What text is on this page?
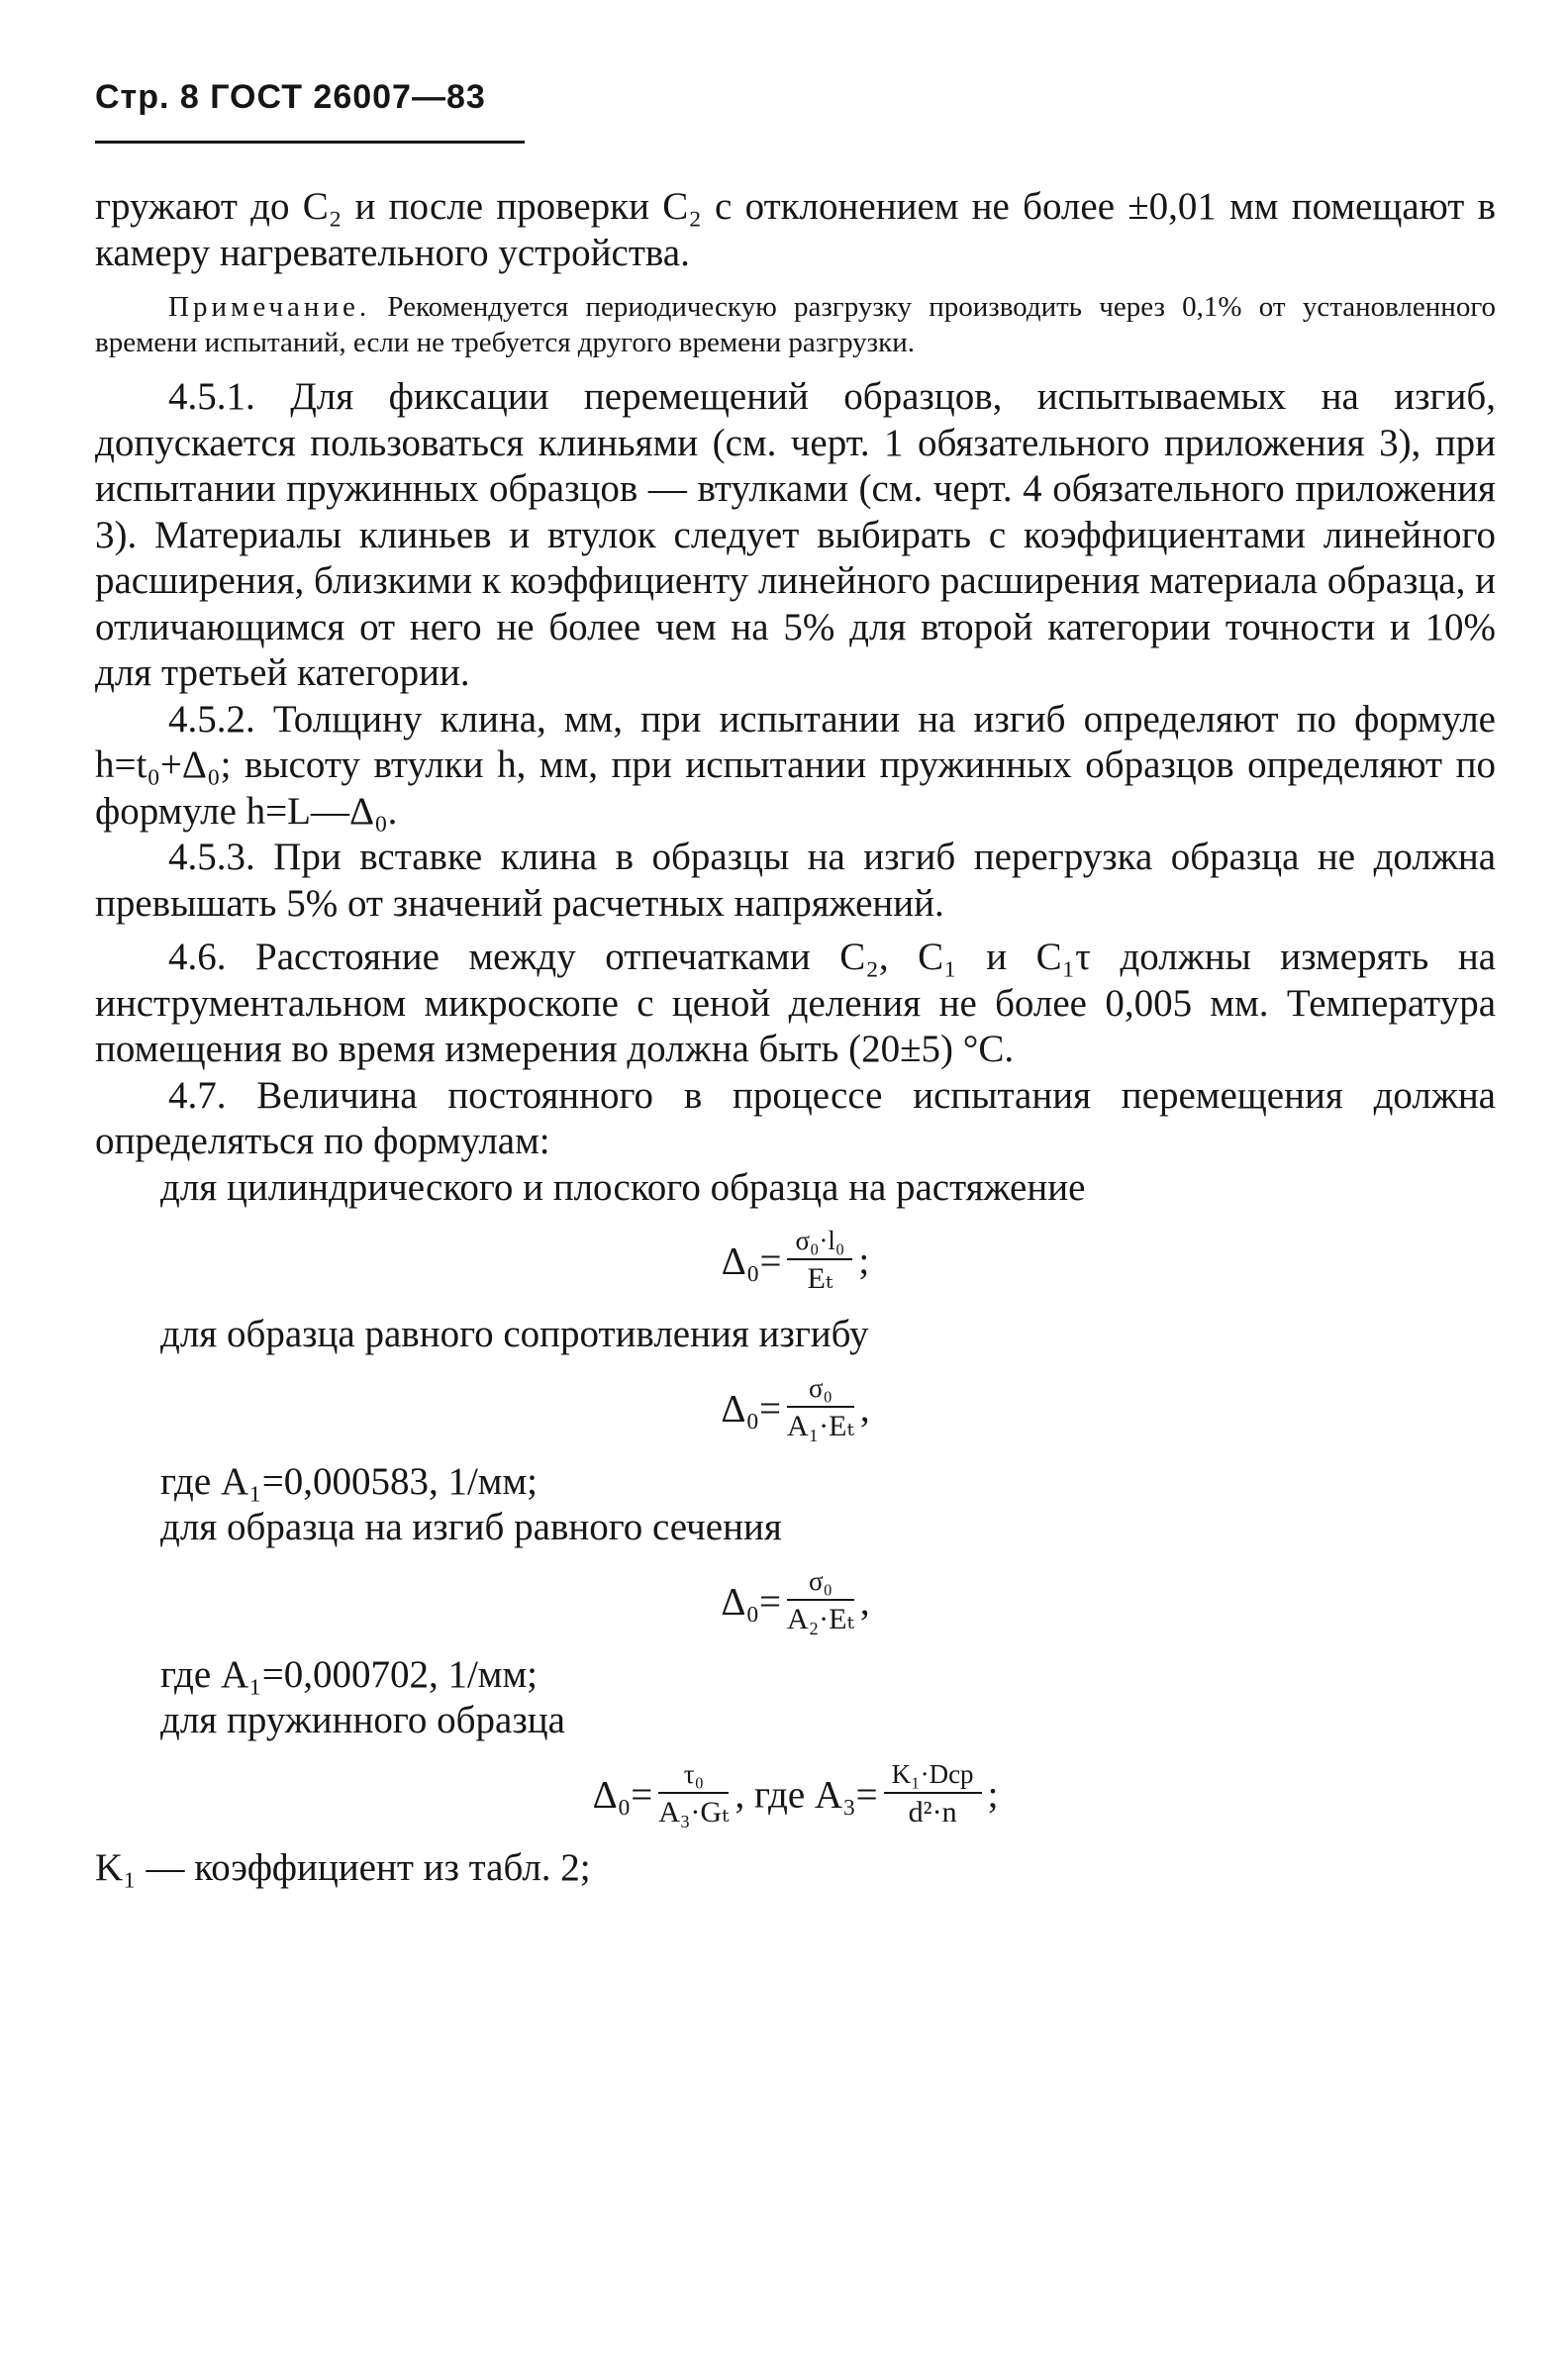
Стр. 8 ГОСТ 26007—83

гружают до C₂ и после проверки C₂ с отклонением не более ±0,01 мм помещают в камеру нагревательного устройства.

Примечание. Рекомендуется периодическую разгрузку производить через 0,1% от установленного времени испытаний, если не требуется другого времени разгрузки.

4.5.1. Для фиксации перемещений образцов, испытываемых на изгиб, допускается пользоваться клиньями (см. черт. 1 обязательного приложения 3), при испытании пружинных образцов — втулками (см. черт. 4 обязательного приложения 3). Материалы клиньев и втулок следует выбирать с коэффициентами линейного расширения, близкими к коэффициенту линейного расширения материала образца, и отличающимся от него не более чем на 5% для второй категории точности и 10% для третьей категории.

4.5.2. Толщину клина, мм, при испытании на изгиб определяют по формуле h=t₀+Δ₀; высоту втулки h, мм, при испытании пружинных образцов определяют по формуле h=L—Δ₀.

4.5.3. При вставке клина в образцы на изгиб перегрузка образца не должна превышать 5% от значений расчетных напряжений.

4.6. Расстояние между отпечатками C₂, C₁ и C₁τ должны измерять на инструментальном микроскопе с ценой деления не более 0,005 мм. Температура помещения во время измерения должна быть (20±5) °C.

4.7. Величина постоянного в процессе испытания перемещения должна определяться по формулам:

для цилиндрического и плоского образца на растяжение

$\Delta_0= \frac{\text{σ₀·l₀}}{\text{Eₜ}}$ ;

для образца равного сопротивления изгибу

$\Delta_0= \frac{\text{σ₀}}{\text{A₁·Eₜ}}$ ,

где A₁=0,000583, 1/мм;

для образца на изгиб равного сечения

$\Delta_0= \frac{\text{σ₀}}{\text{A₂·Eₜ}}$ ,

где A₁=0,000702, 1/мм;

для пружинного образца

$\Delta_0= \frac{\text{τ₀}}{\text{A₃·Gₜ}}$ , где $A_3= \frac{\text{K₁·Dср}}{\text{d²·n}}$ ;

K₁ — коэффициент из табл. 2;
